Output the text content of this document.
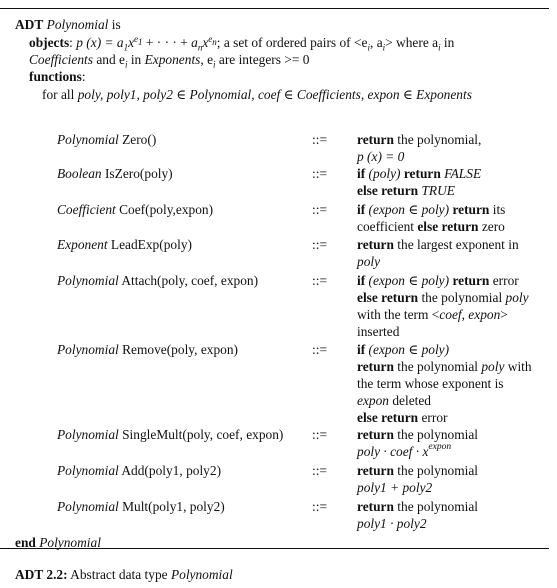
ADT Polynomial is
objects: p $(x) = a_1x^{e_1}$ + · · · + $a_nx^{e_n}$; a set of ordered pairs of $<e_i$, $a_i>$ where $a_i$ in
Coefficients and $e_i$ in Exponents, $e_i$ are integers >= 0
functions:
for all poly, poly1, poly2 ∈ Polynomial, coef ∈ Coefficients, expon ∈ Exponents
Polynomial Zero()	::= return the polynomial,
p (x) = 0
Boolean IsZero(poly)	::= if (poly) return FALSE
else return TRUE
Coefficient Coef(poly,expon)	::= if (expon ∈ poly) return its
coefficient else return zero
Exponent LeadExp(poly)	::= return the largest exponent in
poly
Polynomial Attach(poly, coef, expon)	::= if (expon ∈ poly) return error
else return the polynomial poly
with the term <coef, expon>
inserted
Polynomial Remove(poly, expon)	::= if (expon ∈ poly)
return the polynomial poly with
the term whose exponent is
expon deleted
else return error
Polynomial SingleMult(poly, coef, expon) ::= return the polynomial
poly · coef · $x^{expon}$
Polynomial Add(poly1, poly2)	::= return the polynomial
poly1 + poly2
Polynomial Mult(poly1, poly2)	::= return the polynomial
poly1 · poly2
end Polynomial
ADT 2.2: Abstract data type Polynomial
